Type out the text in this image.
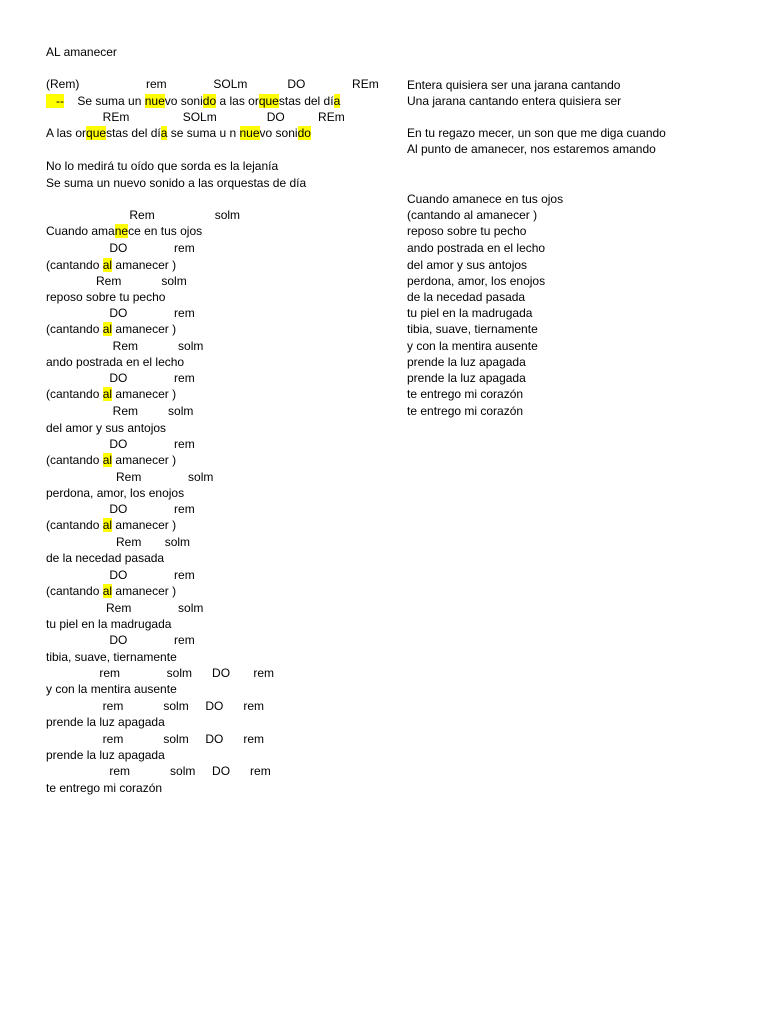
AL amanecer
(Rem)                    rem              SOLm            DO              REm
--    Se suma un nuevo sonido a las orquestas del día
REm                SOLm               DO          REm
A las orquestas del día se suma u n nuevo sonido
No lo medirá tu oído que sorda es la lejanía
Se suma un nuevo sonido a las orquestas de día
Rem                  solm
Cuando amanece en tus ojos
DO              rem
(cantando al amanecer )
Rem            solm
reposo sobre tu pecho
DO              rem
(cantando al amanecer )
Rem            solm
ando postrada en el lecho
DO              rem
(cantando al amanecer )
Rem         solm
del amor y sus antojos
DO              rem
(cantando al amanecer )
Rem              solm
perdona, amor, los enojos
DO              rem
(cantando al amanecer )
Rem       solm
de la necedad pasada
DO              rem
(cantando al amanecer )
Rem              solm
tu piel en la madrugada
DO              rem
tibia, suave, tiernamente
rem              solm      DO       rem
y con la mentira ausente
rem            solm     DO      rem
prende la luz apagada
rem            solm     DO      rem
prende la luz apagada
rem            solm     DO      rem
te entrego mi corazón
Entera quisiera ser una jarana cantando
Una jarana cantando entera quisiera ser
En tu regazo mecer, un son que me diga cuando
Al punto de amanecer, nos estaremos amando
Cuando amanece en tus ojos
(cantando al amanecer )
reposo sobre tu pecho
ando postrada en el lecho
del amor y sus antojos
perdona, amor, los enojos
de la necedad pasada
tu piel en la madrugada
tibia, suave, tiernamente
y con la mentira ausente
prende la luz apagada
prende la luz apagada
te entrego mi corazón
te entrego mi corazón
